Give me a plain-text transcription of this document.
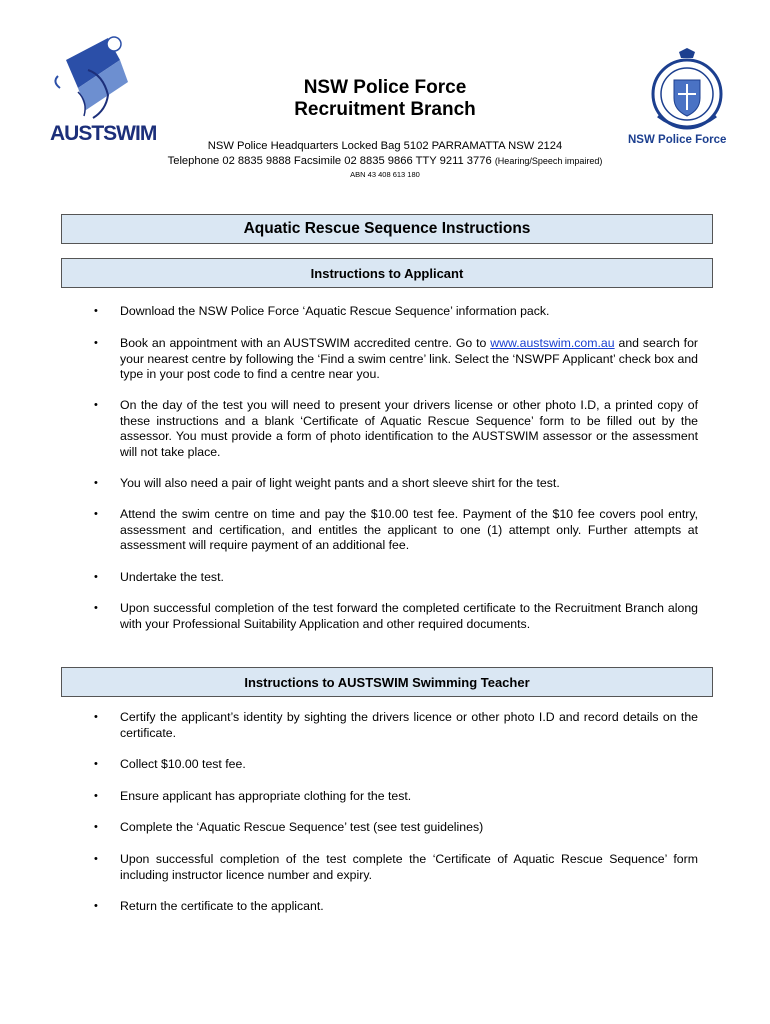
AUSTSWIM	NSW Police Force
NSW Police Force
Recruitment Branch
NSW Police Headquarters Locked Bag 5102 PARRAMATTA NSW 2124
Telephone 02 8835 9888 Facsimile 02 8835 9866 TTY 9211 3776 (Hearing/Speech impaired)
ABN 43 408 613 180
Aquatic Rescue Sequence Instructions
Instructions to Applicant
• Download the NSW Police Force ‘Aquatic Rescue Sequence’ information pack.
• Book an appointment with an AUSTSWIM accredited centre. Go to www.austswim.com.au and search for your nearest centre by following the ‘Find a swim centre’ link. Select the ‘NSWPF Applicant’ check box and type in your post code to find a centre near you.
• On the day of the test you will need to present your drivers license or other photo I.D, a printed copy of these instructions and a blank ‘Certificate of Aquatic Rescue Sequence’ form to be filled out by the assessor. You must provide a form of photo identification to the AUSTSWIM assessor or the assessment will not take place.
• You will also need a pair of light weight pants and a short sleeve shirt for the test.
• Attend the swim centre on time and pay the $10.00 test fee. Payment of the $10 fee covers pool entry, assessment and certification, and entitles the applicant to one (1) attempt only. Further attempts at assessment will require payment of an additional fee.
• Undertake the test.
• Upon successful completion of the test forward the completed certificate to the Recruitment Branch along with your Professional Suitability Application and other required documents.
Instructions to AUSTSWIM Swimming Teacher
• Certify the applicant’s identity by sighting the drivers licence or other photo I.D and record details on the certificate.
• Collect $10.00 test fee.
• Ensure applicant has appropriate clothing for the test.
• Complete the ‘Aquatic Rescue Sequence’ test (see test guidelines)
• Upon successful completion of the test complete the ‘Certificate of Aquatic Rescue Sequence’ form including instructor licence number and expiry.
• Return the certificate to the applicant.
